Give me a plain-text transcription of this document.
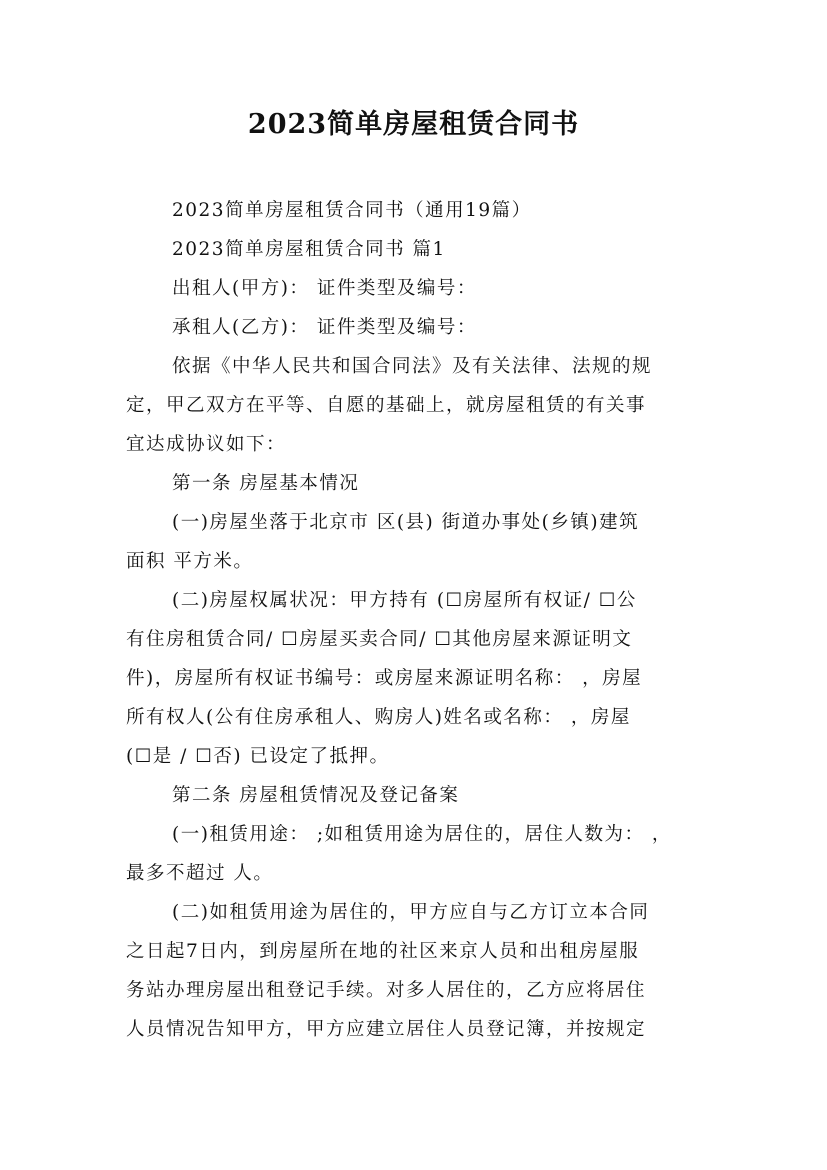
2023简单房屋租赁合同书
2023简单房屋租赁合同书（通用19篇）
2023简单房屋租赁合同书 篇1
出租人(甲方)： 证件类型及编号：
承租人(乙方)： 证件类型及编号：
依据《中华人民共和国合同法》及有关法律、法规的规
定，甲乙双方在平等、自愿的基础上，就房屋租赁的有关事
宜达成协议如下：
第一条 房屋基本情况
(一)房屋坐落于北京市 区(县) 街道办事处(乡镇)建筑
面积 平方米。
(二)房屋权属状况：甲方持有 (☐房屋所有权证/ ☐公
有住房租赁合同/ ☐房屋买卖合同/ ☐其他房屋来源证明文
件)，房屋所有权证书编号：或房屋来源证明名称： ，房屋
所有权人(公有住房承租人、购房人)姓名或名称： ，房屋
(☐是 / ☐否) 已设定了抵押。
第二条 房屋租赁情况及登记备案
(一)租赁用途： ;如租赁用途为居住的，居住人数为： ，
最多不超过 人。
(二)如租赁用途为居住的，甲方应自与乙方订立本合同
之日起7日内，到房屋所在地的社区来京人员和出租房屋服
务站办理房屋出租登记手续。对多人居住的，乙方应将居住
人员情况告知甲方，甲方应建立居住人员登记簿，并按规定
